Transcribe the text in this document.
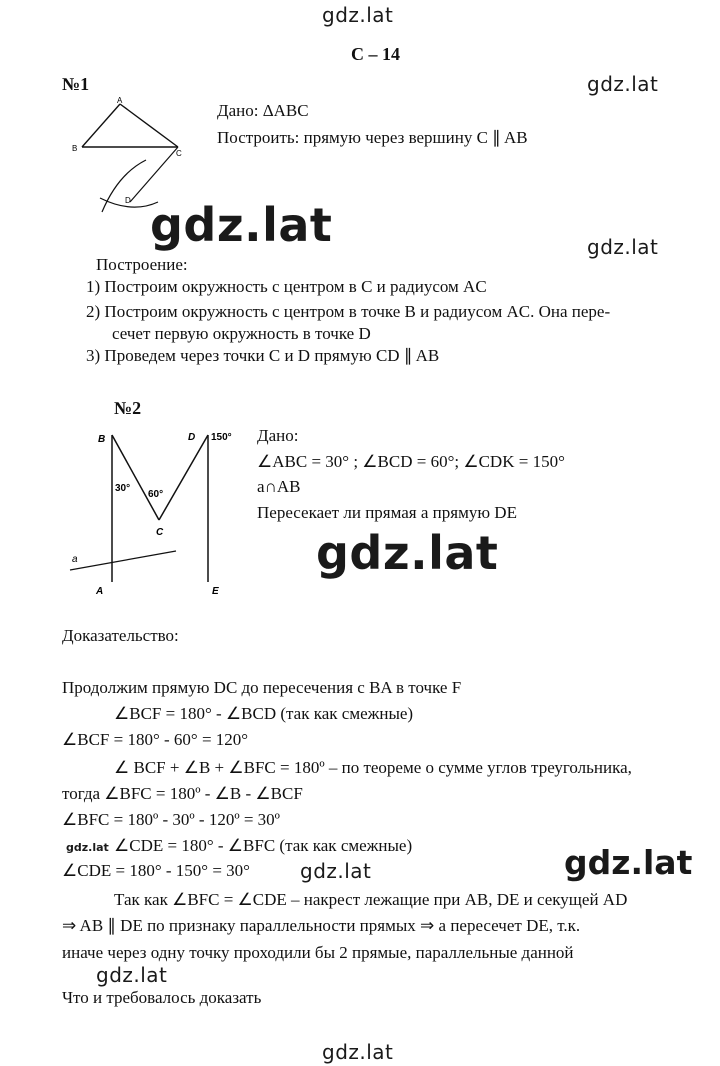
gdz.lat
gdz.lat
gdz.lat	gdz.lat
gdz.lat
gdz.lat
gdz.lat	gdz.lat
gdz.lat
gdz.lat
С – 14
№1
Дано: ΔABC
Построить: прямую через вершину C ∥ AB
A
B
C
D
Построение:
1) Построим окружность с центром в C и радиусом AC
2) Построим окружность с центром в точке B и радиусом AC. Она пере-
сечет первую окружность в точке D
3) Проведем через точки C и D прямую CD ∥ AB
№2
B	D 150°
30°
60°
C
a
A	E
Дано:
∠ABC = 30° ; ∠BCD = 60°; ∠CDK = 150°
a∩AB
Пересекает ли прямая a прямую DE
Доказательство:
Продолжим прямую DC до пересечения с BA в точке F
∠BCF = 180° - ∠BCD (так как смежные)
∠BCF = 180° - 60° = 120°
∠ BCF + ∠B + ∠BFC = 180º – по теореме о сумме углов треугольника,
тогда ∠BFC = 180º - ∠B - ∠BCF
∠BFC = 180º - 30º - 120º = 30º
∠CDE = 180° - ∠BFC (так как смежные)
∠CDE = 180° - 150° = 30°
Так как ∠BFC = ∠CDE – накрест лежащие при AB, DE и секущей AD
⇒ AB ∥ DE по признаку параллельности прямых ⇒ a пересечет DE, т.к.
иначе через одну точку проходили бы 2 прямые, параллельные данной
Что и требовалось доказать
